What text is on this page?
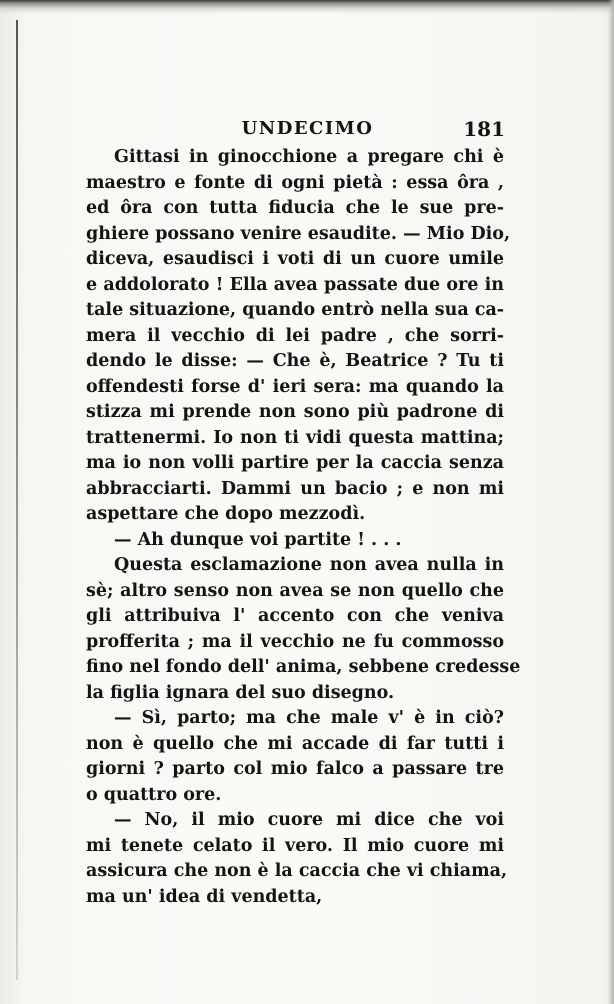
UNDECIMO	181
Gittasi in ginocchione a pregare chi è
maestro e fonte di ogni pietà : essa ôra ,
ed ôra con tutta fiducia che le sue pre-
ghiere possano venire esaudite. — Mio Dio,
diceva, esaudisci i voti di un cuore umile
e addolorato ! Ella avea passate due ore in
tale situazione, quando entrò nella sua ca-
mera il vecchio di lei padre , che sorri-
dendo le disse: — Che è, Beatrice ? Tu ti
offendesti forse d' ieri sera: ma quando la
stizza mi prende non sono più padrone di
trattenermi. Io non ti vidi questa mattina;
ma io non volli partire per la caccia senza
abbracciarti. Dammi un bacio ; e non mi
aspettare che dopo mezzodì.
— Ah dunque voi partite ! . . .
Questa esclamazione non avea nulla in
sè; altro senso non avea se non quello che
gli attribuiva l' accento con che veniva
profferita ; ma il vecchio ne fu commosso
fino nel fondo dell' anima, sebbene credesse
la figlia ignara del suo disegno.
— Sì, parto; ma che male v' è in ciò?
non è quello che mi accade di far tutti i
giorni ? parto col mio falco a passare tre
o quattro ore.
— No, il mio cuore mi dice che voi
mi tenete celato il vero. Il mio cuore mi
assicura che non è la caccia che vi chiama,
ma un' idea di vendetta,
